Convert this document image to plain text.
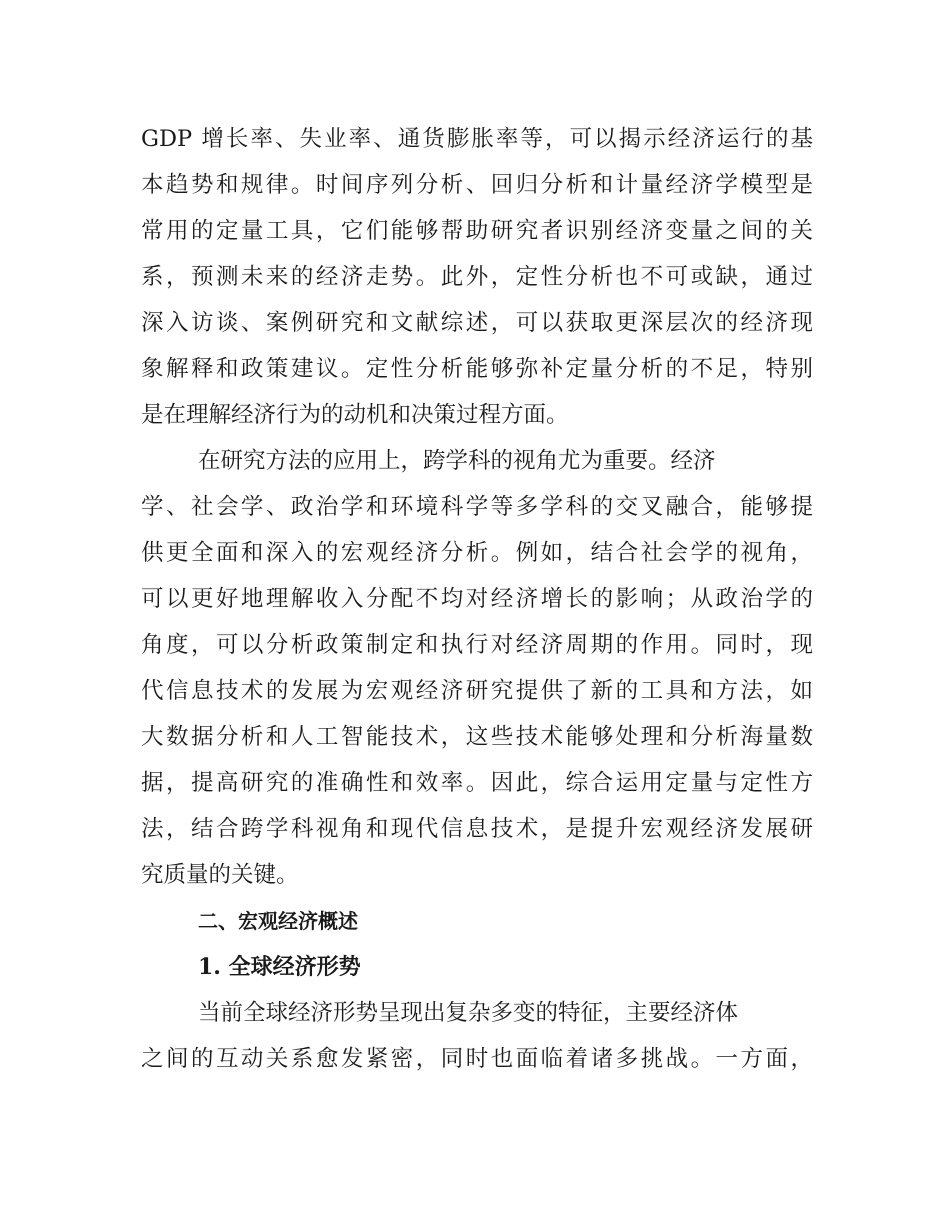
GDP 增长率、失业率、通货膨胀率等，可以揭示经济运行的基
本趋势和规律。时间序列分析、回归分析和计量经济学模型是
常用的定量工具，它们能够帮助研究者识别经济变量之间的关
系，预测未来的经济走势。此外，定性分析也不可或缺，通过
深入访谈、案例研究和文献综述，可以获取更深层次的经济现
象解释和政策建议。定性分析能够弥补定量分析的不足，特别
是在理解经济行为的动机和决策过程方面。
在研究方法的应用上，跨学科的视角尤为重要。经济
学、社会学、政治学和环境科学等多学科的交叉融合，能够提
供更全面和深入的宏观经济分析。例如，结合社会学的视角，
可以更好地理解收入分配不均对经济增长的影响；从政治学的
角度，可以分析政策制定和执行对经济周期的作用。同时，现
代信息技术的发展为宏观经济研究提供了新的工具和方法，如
大数据分析和人工智能技术，这些技术能够处理和分析海量数
据，提高研究的准确性和效率。因此，综合运用定量与定性方
法，结合跨学科视角和现代信息技术，是提升宏观经济发展研
究质量的关键。
二、宏观经济概述
1. 全球经济形势
当前全球经济形势呈现出复杂多变的特征，主要经济体
之间的互动关系愈发紧密，同时也面临着诸多挑战。一方面，
